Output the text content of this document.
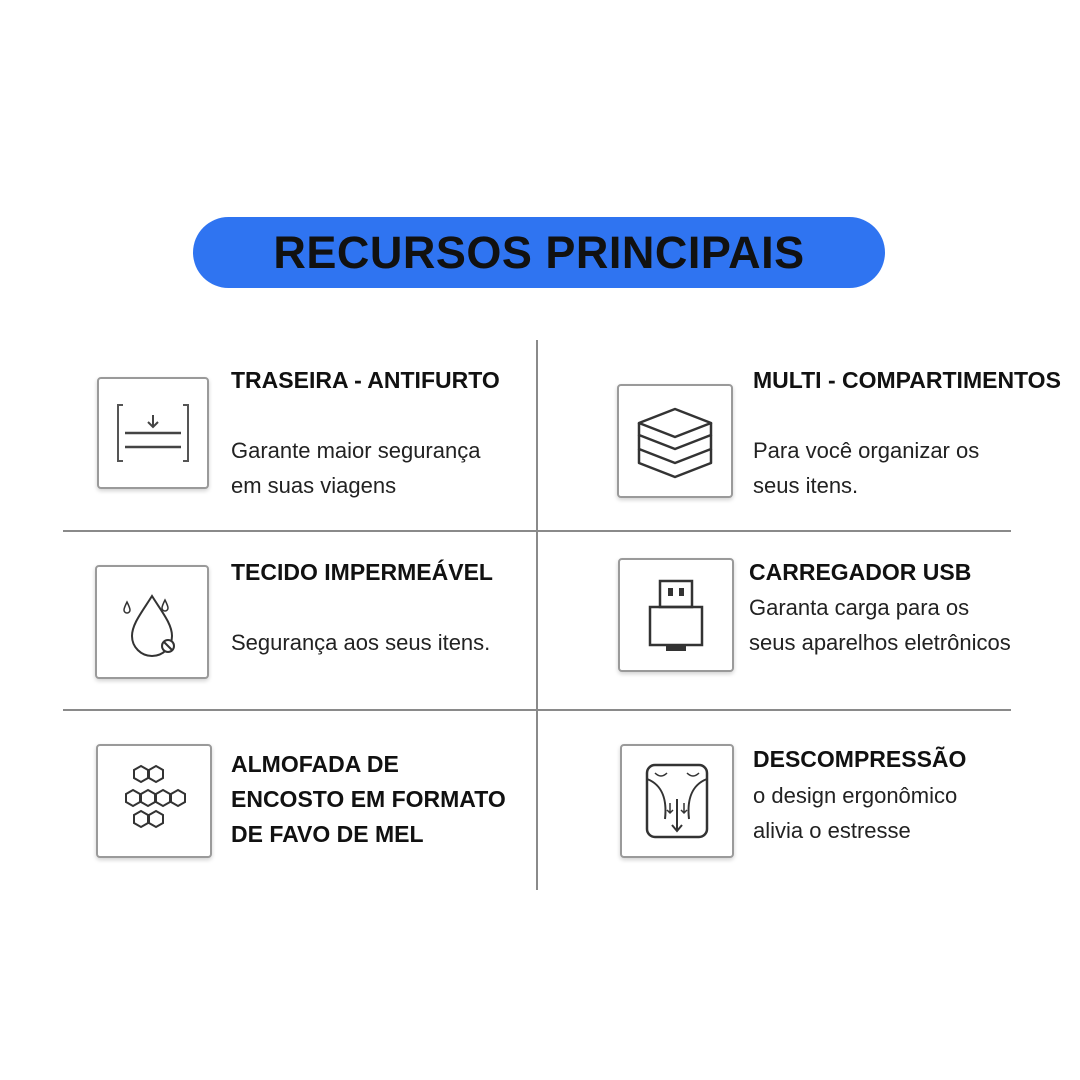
RECURSOS PRINCIPAIS
TRASEIRA - ANTIFURTO

Garante maior segurança
em suas viagens

MULTI - COMPARTIMENTOS

Para você organizar os
seus itens.

TECIDO IMPERMEÁVEL

Segurança aos seus itens.

CARREGADOR USB

Garanta carga para os
seus aparelhos eletrônicos

ALMOFADA DE
ENCOSTO EM FORMATO
DE FAVO DE MEL
DESCOMPRESSÃO

o design ergonômico
alivia o estresse
